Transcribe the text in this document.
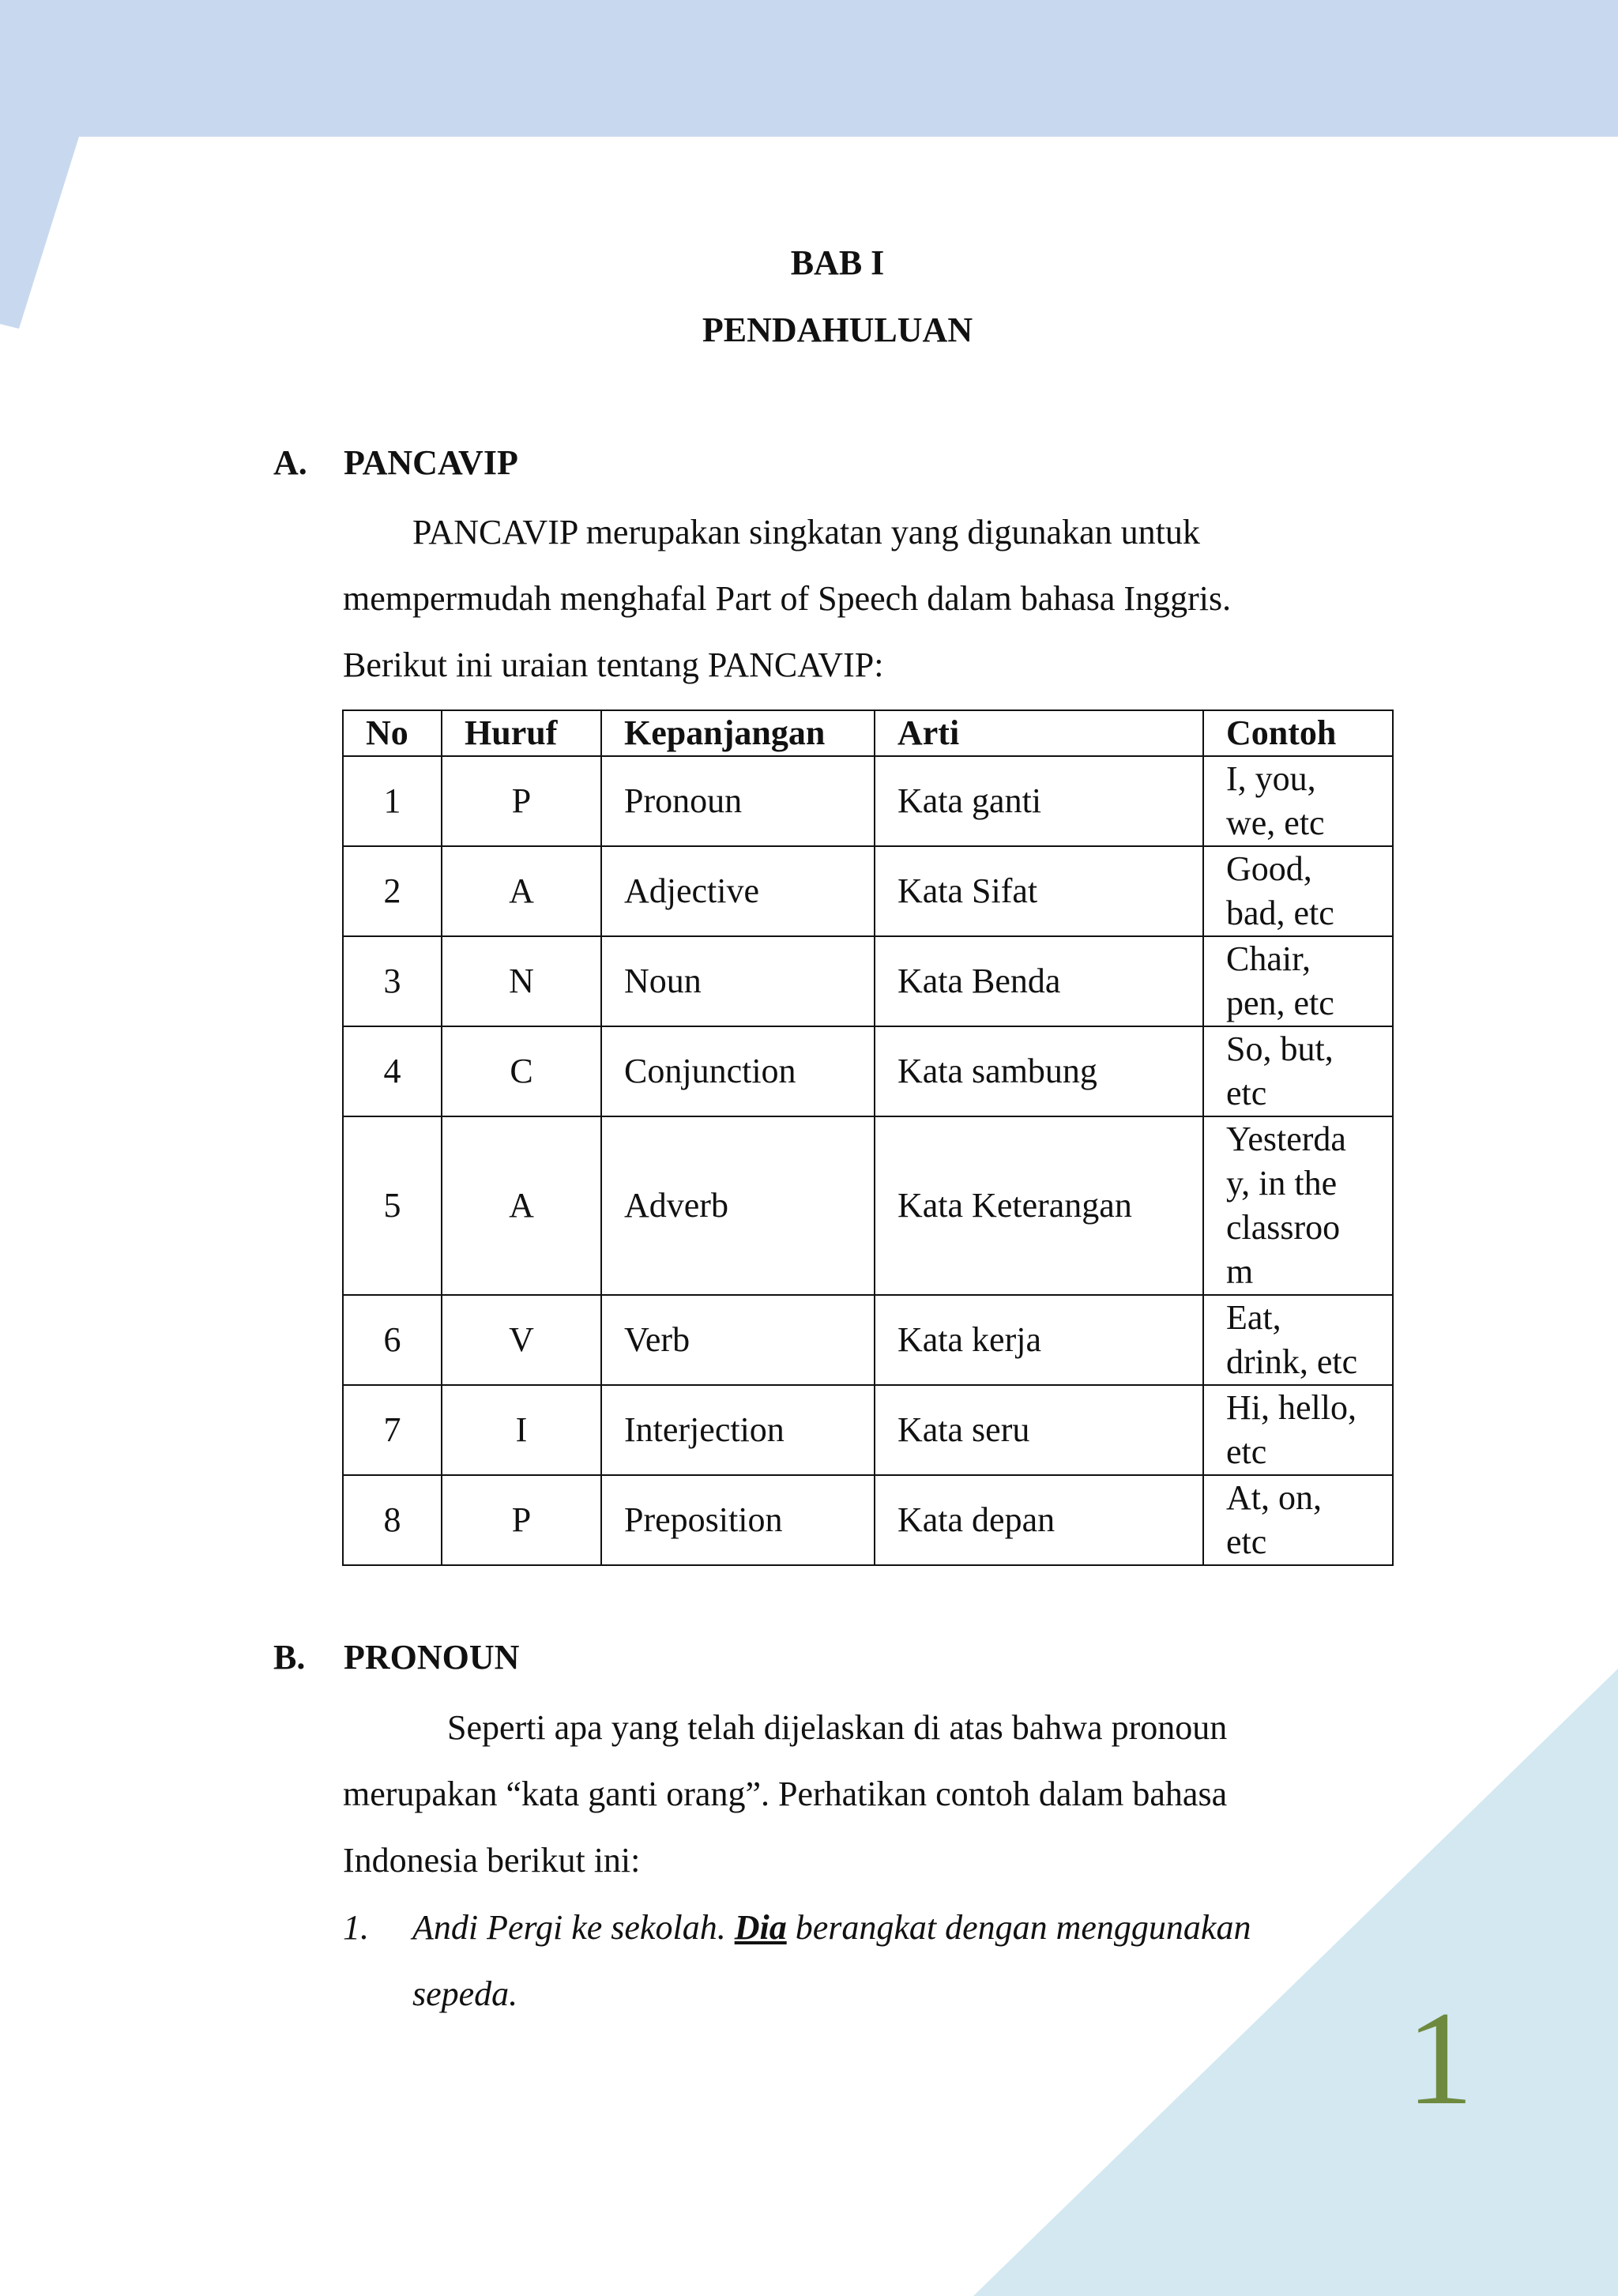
BAB I
PENDAHULUAN
A. PANCAVIP

PANCAVIP merupakan singkatan yang digunakan untuk

mempermudah menghafal Part of Speech dalam bahasa Inggris.

Berikut ini uraian tentang PANCAVIP:

No	Huruf	Kepanjangan	Arti	Contoh
1	P	Pronoun	Kata ganti	I, you,
we, etc

2	A	Adjective	Kata Sifat	Good,
bad, etc

3	N	Noun	Kata Benda	Chair,
pen, etc

4	C	Conjunction	Kata sambung	So, but,
etc

5	A	Adverb	Kata Keterangan	Yesterda
y, in the
classroo
m

6	V	Verb	Kata kerja	Eat,
drink, etc

7	I	Interjection	Kata seru	Hi, hello,
etc

8	P	Preposition	Kata depan	At, on,
etc
B. PRONOUN

Seperti apa yang telah dijelaskan di atas bahwa pronoun

merupakan “kata ganti orang”. Perhatikan contoh dalam bahasa

Indonesia berikut ini:

1.	Andi Pergi ke sekolah. Dia berangkat dengan menggunakan
sepeda.	1
